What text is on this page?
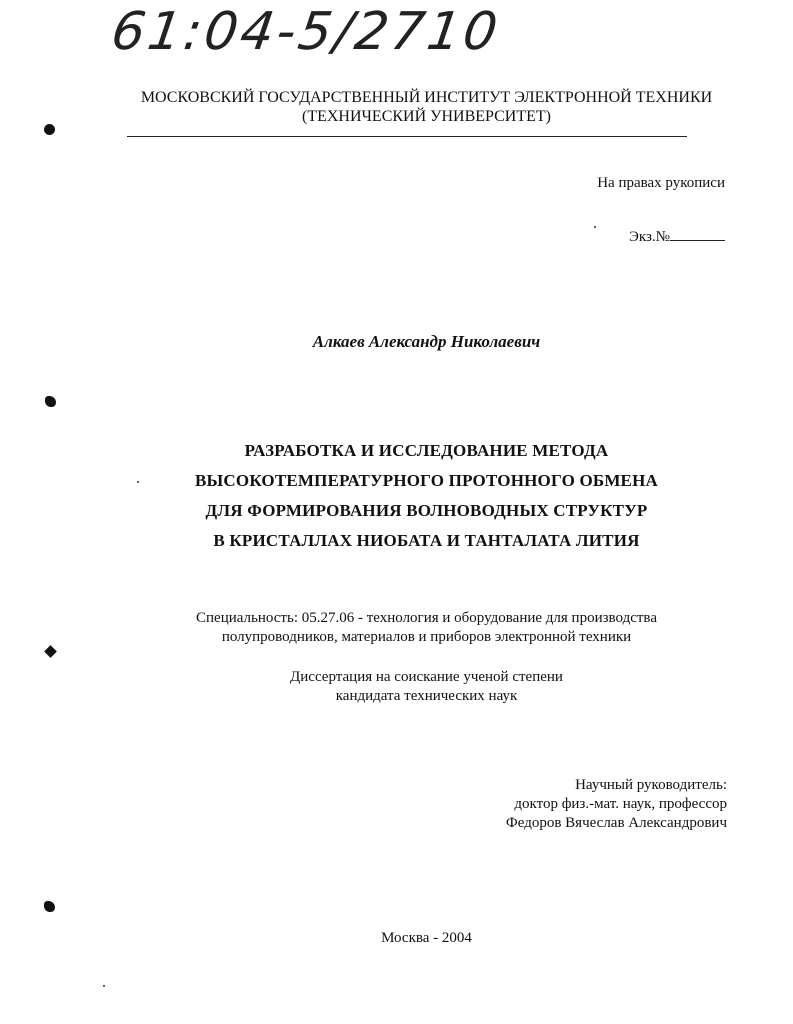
61:04-5/2710
МОСКОВСКИЙ ГОСУДАРСТВЕННЫЙ ИНСТИТУТ ЭЛЕКТРОННОЙ ТЕХНИКИ
(ТЕХНИЧЕСКИЙ УНИВЕРСИТЕТ)
На правах рукописи
Экз.№
Алкаев Александр Николаевич
РАЗРАБОТКА И ИССЛЕДОВАНИЕ МЕТОДА
ВЫСОКОТЕМПЕРАТУРНОГО ПРОТОННОГО ОБМЕНА
ДЛЯ ФОРМИРОВАНИЯ ВОЛНОВОДНЫХ СТРУКТУР
В КРИСТАЛЛАХ НИОБАТА И ТАНТАЛАТА ЛИТИЯ
Специальность: 05.27.06 - технология и оборудование для производства
полупроводников, материалов и приборов электронной техники
Диссертация на соискание ученой степени
кандидата технических наук
Научный руководитель:
доктор физ.-мат. наук, профессор
Федоров Вячеслав Александрович
Москва - 2004
